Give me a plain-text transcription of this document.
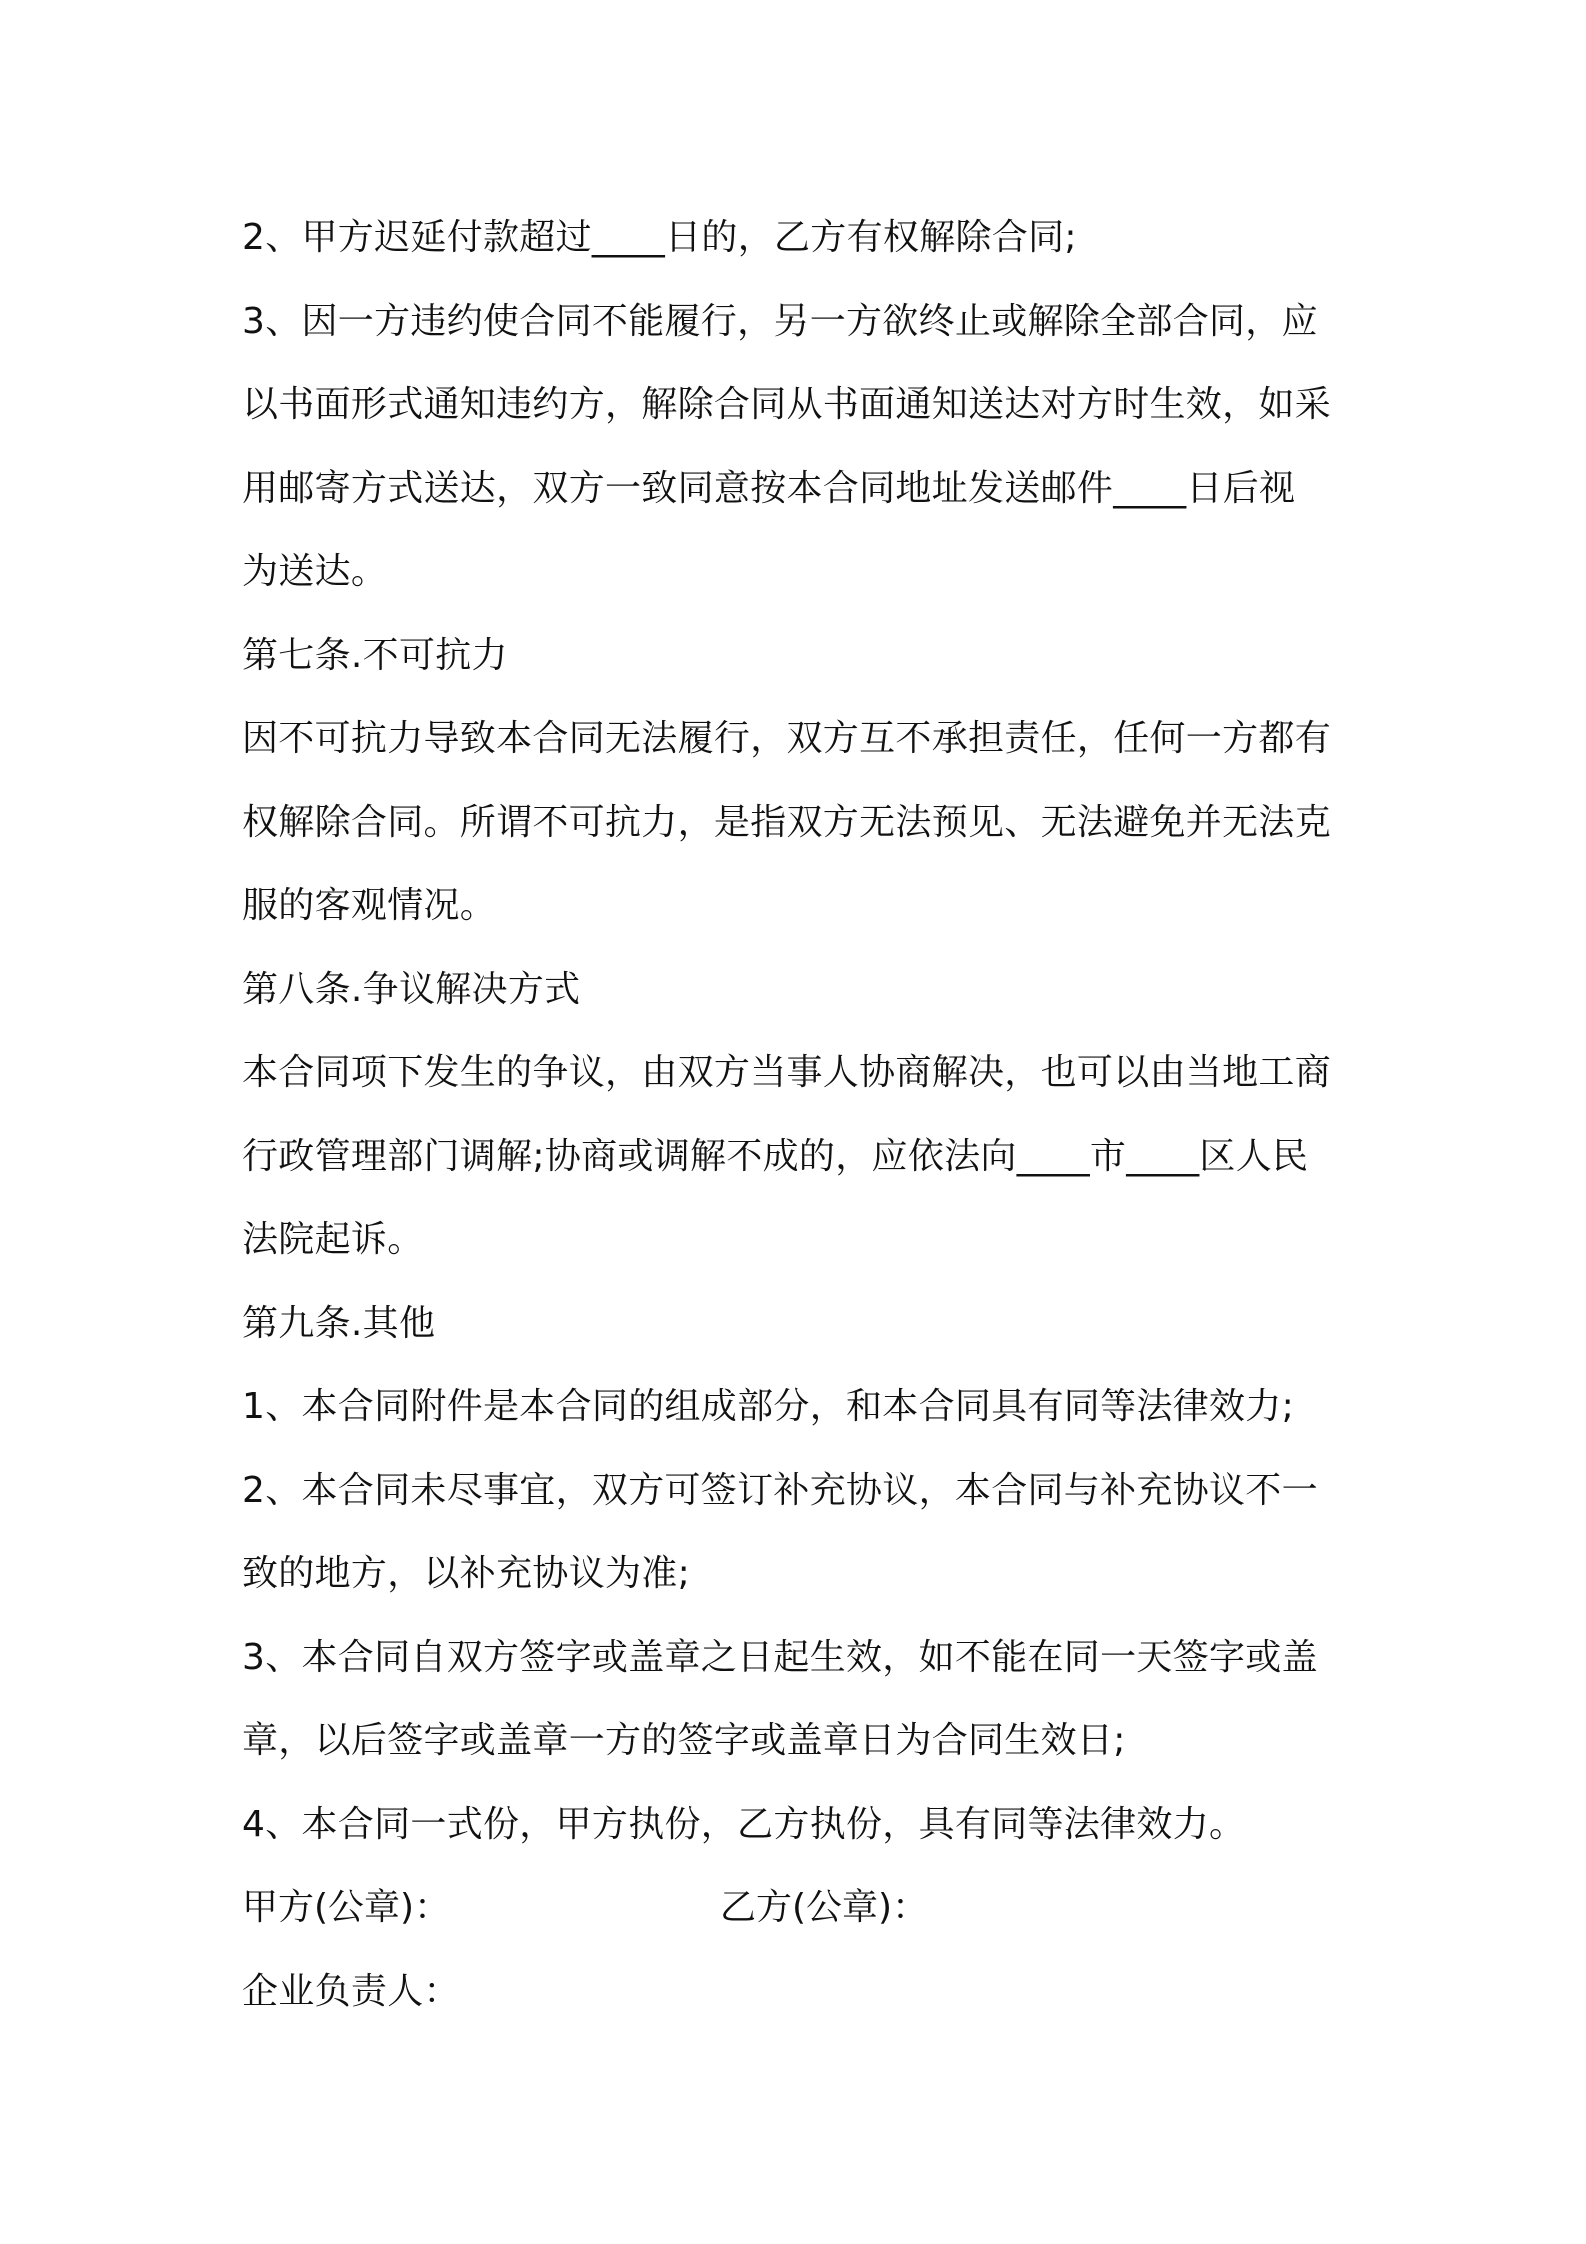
2、甲方迟延付款超过____日的，乙方有权解除合同;
3、因一方违约使合同不能履行，另一方欲终止或解除全部合同，应
以书面形式通知违约方，解除合同从书面通知送达对方时生效，如采
用邮寄方式送达，双方一致同意按本合同地址发送邮件____日后视
为送达。
第七条.不可抗力
因不可抗力导致本合同无法履行，双方互不承担责任，任何一方都有
权解除合同。所谓不可抗力，是指双方无法预见、无法避免并无法克
服的客观情况。
第八条.争议解决方式
本合同项下发生的争议，由双方当事人协商解决，也可以由当地工商
行政管理部门调解;协商或调解不成的，应依法向____市____区人民
法院起诉。
第九条.其他
1、本合同附件是本合同的组成部分，和本合同具有同等法律效力;
2、本合同未尽事宜，双方可签订补充协议，本合同与补充协议不一
致的地方，以补充协议为准;
3、本合同自双方签字或盖章之日起生效，如不能在同一天签字或盖
章，以后签字或盖章一方的签字或盖章日为合同生效日;
4、本合同一式份，甲方执份，乙方执份，具有同等法律效力。
甲方(公章)：	乙方(公章)：
企业负责人：
